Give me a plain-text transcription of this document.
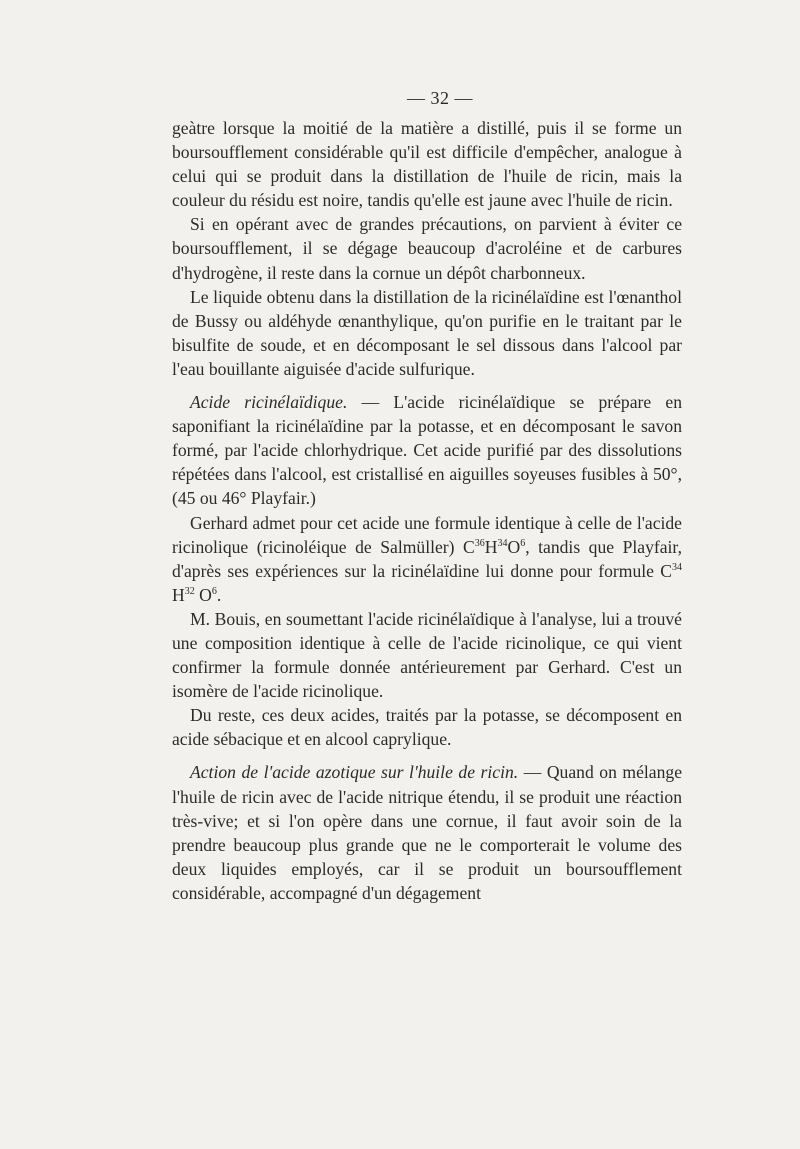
— 32 —

geàtre lorsque la moitié de la matière a distillé, puis il se forme un boursoufflement considérable qu'il est difficile d'empêcher, analogue à celui qui se produit dans la distillation de l'huile de ricin, mais la couleur du résidu est noire, tandis qu'elle est jaune avec l'huile de ricin.

Si en opérant avec de grandes précautions, on parvient à éviter ce boursoufflement, il se dégage beaucoup d'acroléine et de carbures d'hydrogène, il reste dans la cornue un dépôt charbonneux.

Le liquide obtenu dans la distillation de la ricinélaïdine est l'œnanthol de Bussy ou aldéhyde œnanthylique, qu'on purifie en le traitant par le bisulfite de soude, et en décomposant le sel dissous dans l'alcool par l'eau bouillante aiguisée d'acide sulfurique.

Acide ricinélaïdique. — L'acide ricinélaïdique se prépare en saponifiant la ricinélaïdine par la potasse, et en décomposant le savon formé, par l'acide chlorhydrique. Cet acide purifié par des dissolutions répétées dans l'alcool, est cristallisé en aiguilles soyeuses fusibles à 50°, (45 ou 46° Playfair.)

Gerhard admet pour cet acide une formule identique à celle de l'acide ricinolique (ricinoléique de Salmüller) $C^{36}H^{34}O^6$, tandis que Playfair, d'après ses expériences sur la ricinélaïdine lui donne pour formule $C^{34}$ $H^{32}$ $O^6$.

M. Bouis, en soumettant l'acide ricinélaïdique à l'analyse, lui a trouvé une composition identique à celle de l'acide ricinolique, ce qui vient confirmer la formule donnée antérieurement par Gerhard. C'est un isomère de l'acide ricinolique.

Du reste, ces deux acides, traités par la potasse, se décomposent en acide sébacique et en alcool caprylique.

Action de l'acide azotique sur l'huile de ricin. — Quand on mélange l'huile de ricin avec de l'acide nitrique étendu, il se produit une réaction très-vive; et si l'on opère dans une cornue, il faut avoir soin de la prendre beaucoup plus grande que ne le comporterait le volume des deux liquides employés, car il se produit un boursoufflement considérable, accompagné d'un dégagement
